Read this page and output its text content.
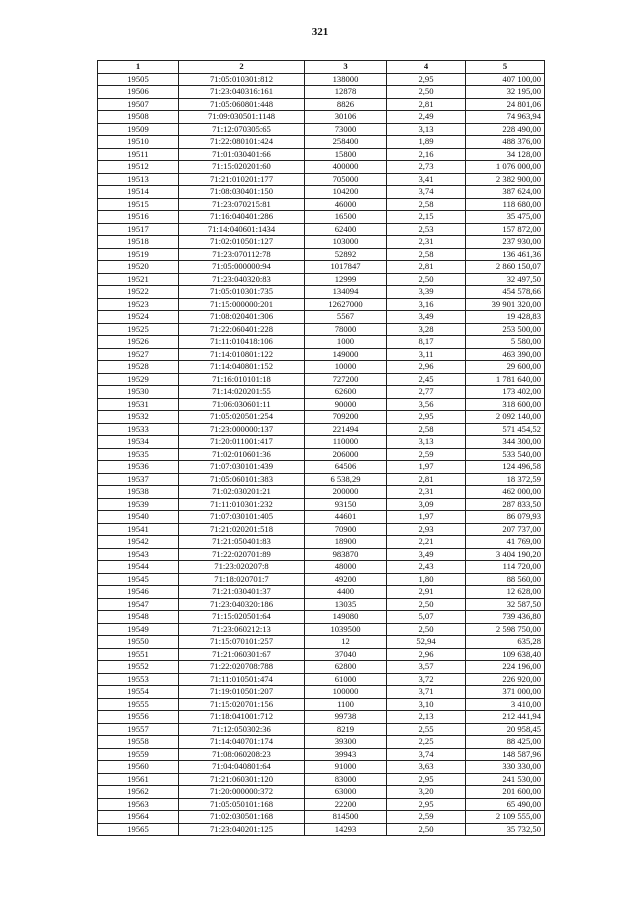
321
1	2	3	4	5
19505	71:05:010301:812	138000	2,95	407 100,00
19506	71:23:040316:161	12878	2,50	32 195,00
19507	71:05:060801:448	8826	2,81	24 801,06
19508	71:09:030501:1148	30106	2,49	74 963,94
19509	71:12:070305:65	73000	3,13	228 490,00
19510	71:22:080101:424	258400	1,89	488 376,00
19511	71:01:030401:66	15800	2,16	34 128,00
19512	71:15:020201:60	400000	2,73	1 076 000,00
19513	71:21:010201:177	705000	3,41	2 382 900,00
19514	71:08:030401:150	104200	3,74	387 624,00
19515	71:23:070215:81	46000	2,58	118 680,00
19516	71:16:040401:286	16500	2,15	35 475,00
19517	71:14:040601:1434	62400	2,53	157 872,00
19518	71:02:010501:127	103000	2,31	237 930,00
19519	71:23:070112:78	52892	2,58	136 461,36
19520	71:05:000000:94	1017847	2,81	2 860 150,07
19521	71:23:040320:83	12999	2,50	32 497,50
19522	71:05:010301:735	134094	3,39	454 578,66
19523	71:15:000000:201	12627000	3,16	39 901 320,00
19524	71:08:020401:306	5567	3,49	19 428,83
19525	71:22:060401:228	78000	3,28	253 500,00
19526	71:11:010418:106	1000	8,17	5 580,00
19527	71:14:010801:122	149000	3,11	463 390,00
19528	71:14:040801:152	10000	2,96	29 600,00
19529	71:16:010101:18	727200	2,45	1 781 640,00
19530	71:14:020201:55	62600	2,77	173 402,00
19531	71:06:030601:11	90000	3,56	318 600,00
19532	71:05:020501:254	709200	2,95	2 092 140,00
19533	71:23:000000:137	221494	2,58	571 454,52
19534	71:20:011001:417	110000	3,13	344 300,00
19535	71:02:010601:36	206000	2,59	533 540,00
19536	71:07:030101:439	64506	1,97	124 496,58
19537	71:05:060101:383	6 538,29	2,81	18 372,59
19538	71:02:030201:21	200000	2,31	462 000,00
19539	71:11:010301:232	93150	3,09	287 833,50
19540	71:07:030101:405	44601	1,97	86 079,93
19541	71:21:020201:518	70900	2,93	207 737,00
19542	71:21:050401:83	18900	2,21	41 769,00
19543	71:22:020701:89	983870	3,49	3 404 190,20
19544	71:23:020207:8	48000	2,43	114 720,00
19545	71:18:020701:7	49200	1,80	88 560,00
19546	71:21:030401:37	4400	2,91	12 628,00
19547	71:23:040320:186	13035	2,50	32 587,50
19548	71:15:020501:64	149080	5,07	739 436,80
19549	71:23:060212:13	1039500	2,50	2 598 750,00
19550	71:15:070101:257	12	52,94	635,28
19551	71:21:060301:67	37040	2,96	109 638,40
19552	71:22:020708:788	62800	3,57	224 196,00
19553	71:11:010501:474	61000	3,72	226 920,00
19554	71:19:010501:207	100000	3,71	371 000,00
19555	71:15:020701:156	1100	3,10	3 410,00
19556	71:18:041001:712	99738	2,13	212 441,94
19557	71:12:050302:36	8219	2,55	20 958,45
19558	71:14:040701:174	39300	2,25	88 425,00
19559	71:08:060208:23	39943	3,74	148 587,96
19560	71:04:040801:64	91000	3,63	330 330,00
19561	71:21:060301:120	83000	2,95	241 530,00
19562	71:20:000000:372	63000	3,20	201 600,00
19563	71:05:050101:168	22200	2,95	65 490,00
19564	71:02:030501:168	814500	2,59	2 109 555,00
19565	71:23:040201:125	14293	2,50	35 732,50
